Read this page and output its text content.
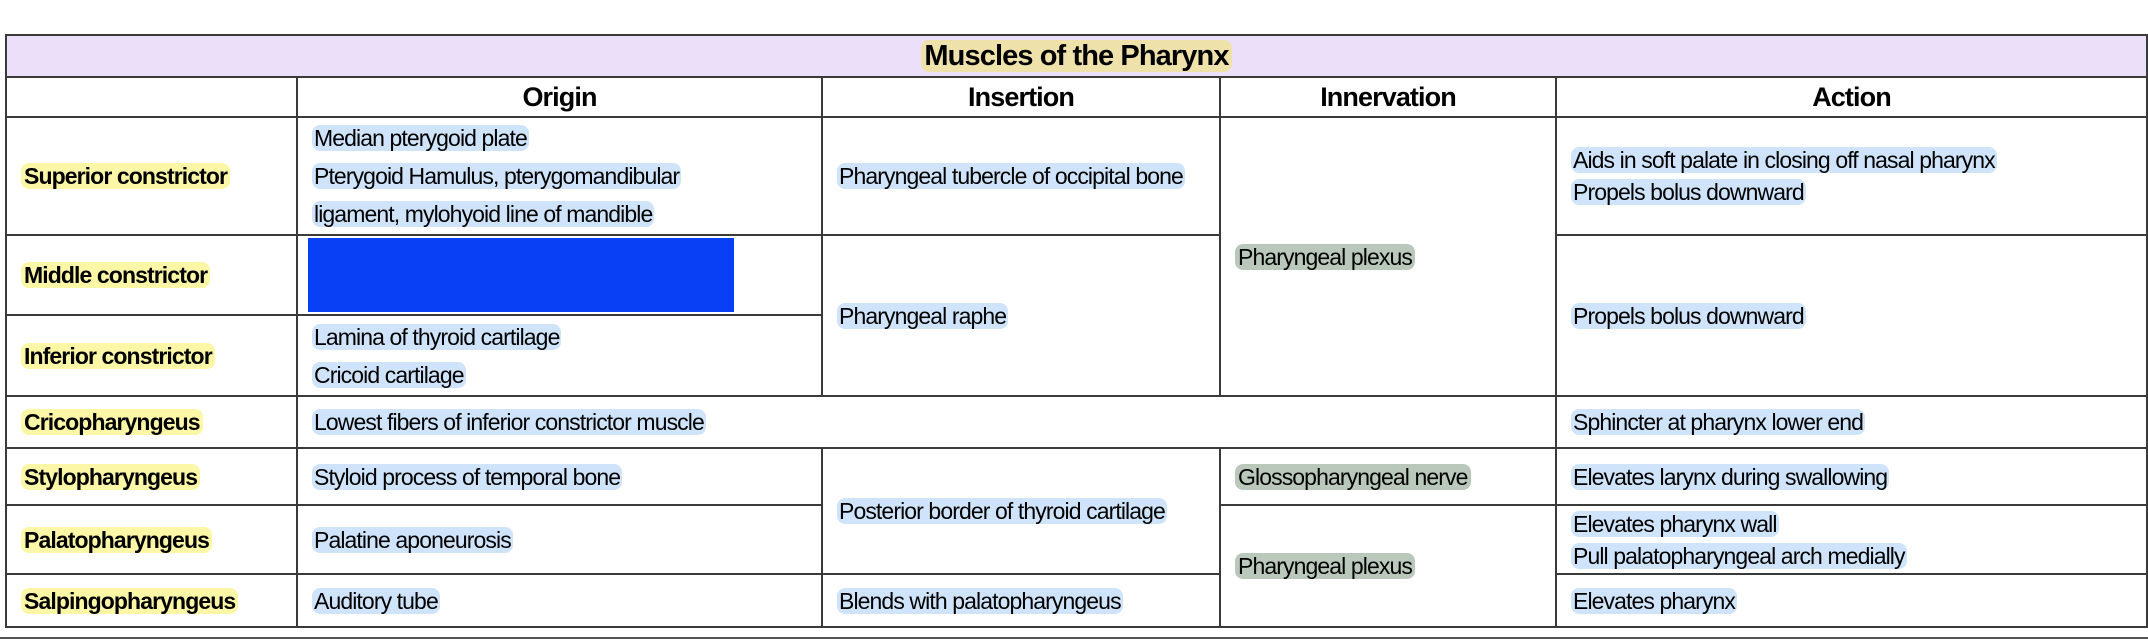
Muscles of the Pharynx				
	Origin	Insertion	Innervation	Action
Superior constrictor	Median pterygoid plate
Pterygoid Hamulus, pterygomandibular
ligament, mylohyoid line of mandible	Pharyngeal tubercle of occipital bone	Pharyngeal plexus	Aids in soft palate in closing off nasal pharynx
Propels bolus downward

Middle constrictor		Pharyngeal raphe		Propels bolus downward
Inferior constrictor	Lamina of thyroid cartilage
Cricoid cartilage			

Cricopharyngeus	Lowest fibers of inferior constrictor muscle			Sphincter at pharynx lower end
Stylopharyngeus	Styloid process of temporal bone	Posterior border of thyroid cartilage	Glossopharyngeal nerve	Elevates larynx during swallowing
Palatopharyngeus	Palatine aponeurosis		Pharyngeal plexus	Elevates pharynx wall
Pull palatopharyngeal arch medially

Salpingopharyngeus	Auditory tube	Blends with palatopharyngeus		Elevates pharynx
